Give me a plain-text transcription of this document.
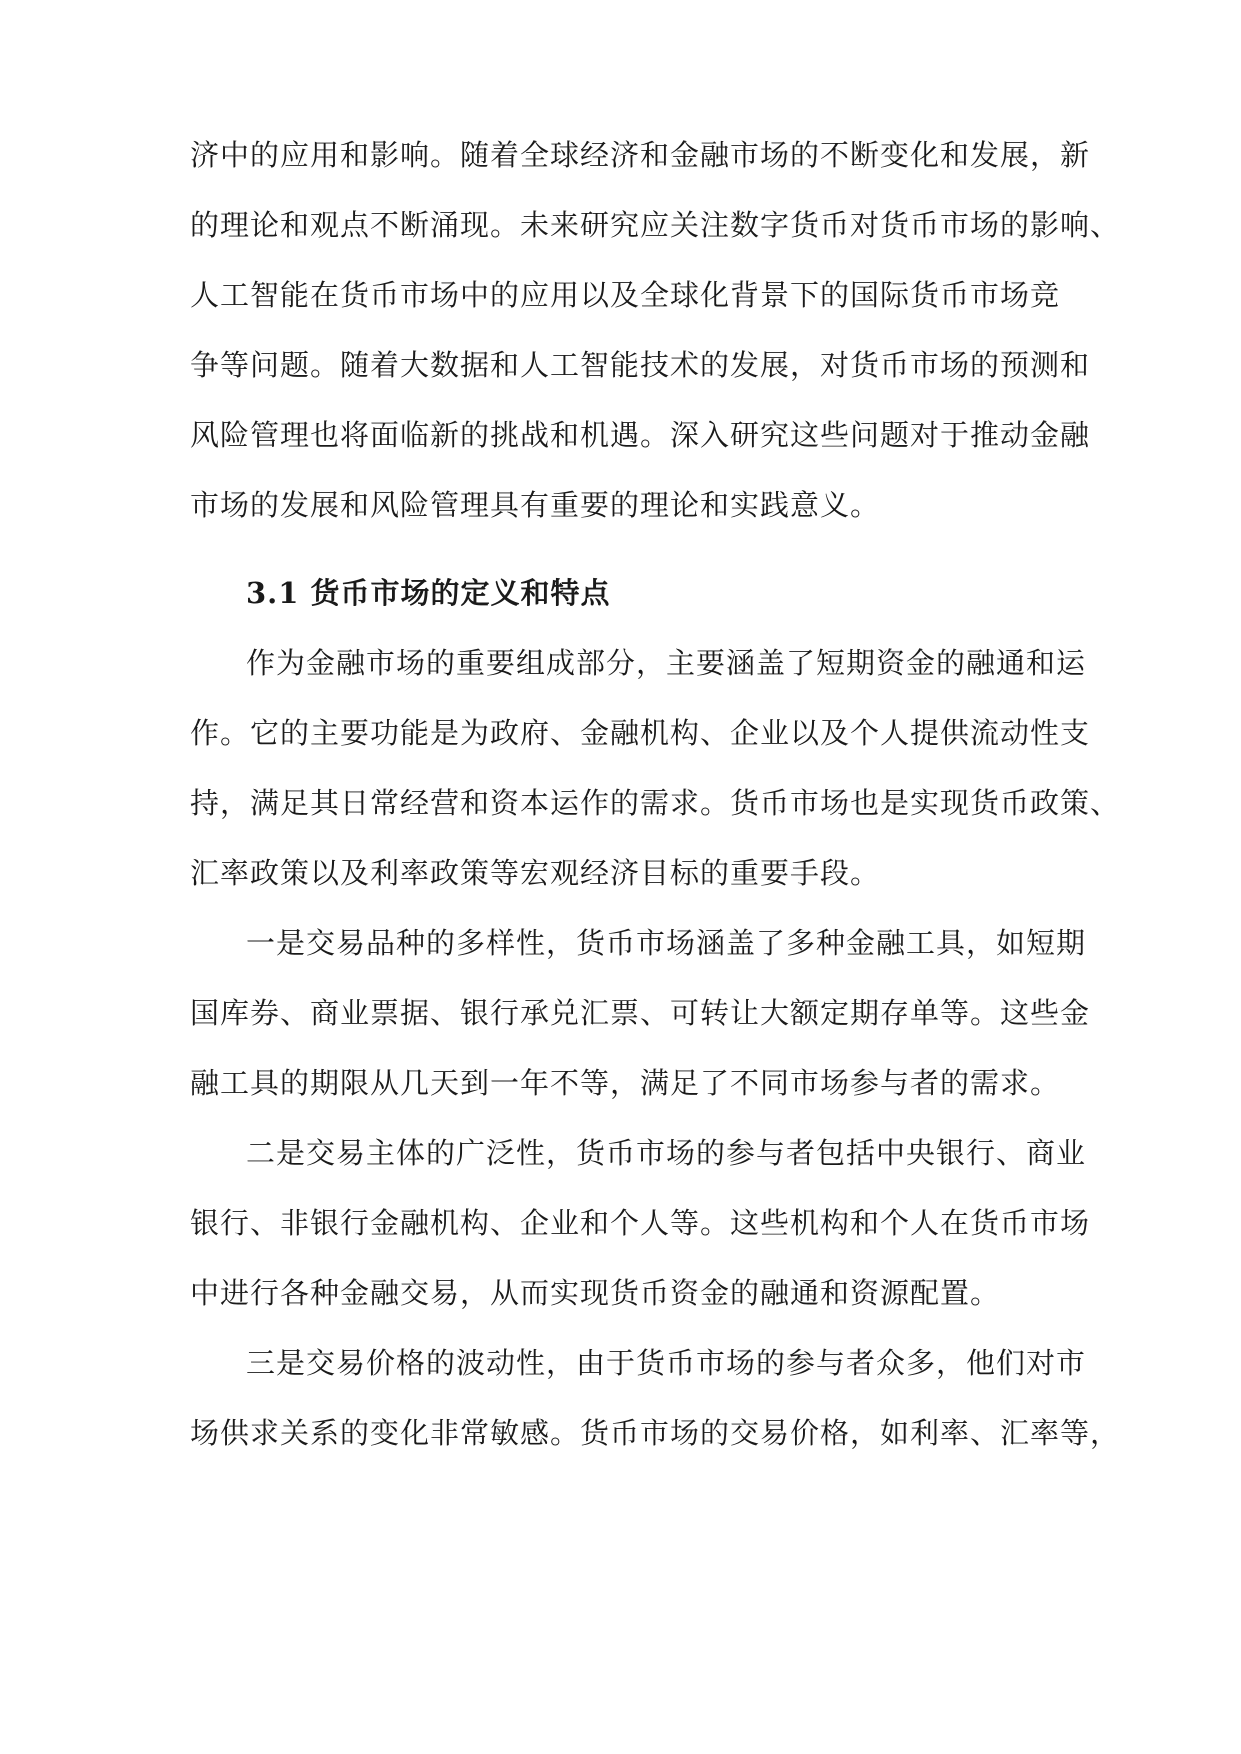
济中的应用和影响。随着全球经济和金融市场的不断变化和发展，新
的理论和观点不断涌现。未来研究应关注数字货币对货币市场的影响、
人工智能在货币市场中的应用以及全球化背景下的国际货币市场竞
争等问题。随着大数据和人工智能技术的发展，对货币市场的预测和
风险管理也将面临新的挑战和机遇。深入研究这些问题对于推动金融
市场的发展和风险管理具有重要的理论和实践意义。
3.1 货币市场的定义和特点
作为金融市场的重要组成部分，主要涵盖了短期资金的融通和运
作。它的主要功能是为政府、金融机构、企业以及个人提供流动性支
持，满足其日常经营和资本运作的需求。货币市场也是实现货币政策、
汇率政策以及利率政策等宏观经济目标的重要手段。
一是交易品种的多样性，货币市场涵盖了多种金融工具，如短期
国库券、商业票据、银行承兑汇票、可转让大额定期存单等。这些金
融工具的期限从几天到一年不等，满足了不同市场参与者的需求。
二是交易主体的广泛性，货币市场的参与者包括中央银行、商业
银行、非银行金融机构、企业和个人等。这些机构和个人在货币市场
中进行各种金融交易，从而实现货币资金的融通和资源配置。
三是交易价格的波动性，由于货币市场的参与者众多，他们对市
场供求关系的变化非常敏感。货币市场的交易价格，如利率、汇率等，
